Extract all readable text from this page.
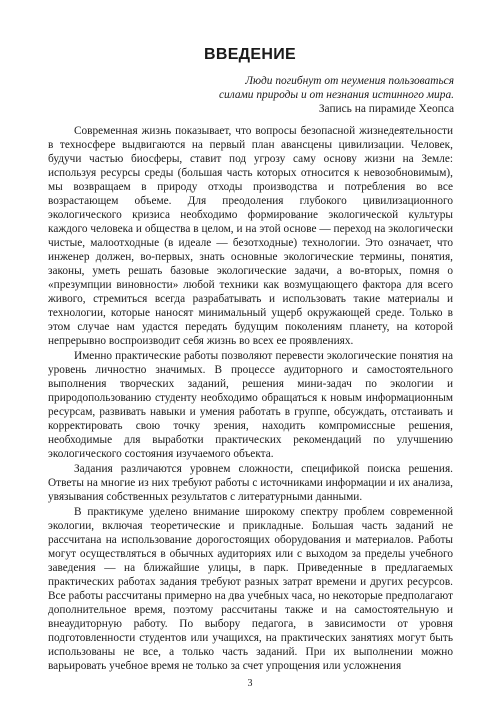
ВВЕДЕНИЕ
Люди погибнут от неумения пользоваться
силами природы и от незнания истинного мира.
Запись на пирамиде Хеопса

Современная жизнь показывает, что вопросы безопасной жизнедеятельности в техносфере выдвигаются на первый план авансцены цивилизации. Человек, будучи частью биосферы, ставит под угрозу саму основу жизни на Земле: используя ресурсы среды (большая часть которых относится к невозобновимым), мы возвращаем в природу отходы производства и потребления во все возрастающем объеме. Для преодоления глубокого цивилизационного экологического кризиса необходимо формирование экологической культуры каждого человека и общества в целом, и на этой основе — переход на экологически чистые, малоотходные (в идеале — безотходные) технологии. Это означает, что инженер должен, во-первых, знать основные экологические термины, понятия, законы, уметь решать базовые экологические задачи, а во-вторых, помня о «презумпции виновности» любой техники как возмущающего фактора для всего живого, стремиться всегда разрабатывать и использовать такие материалы и технологии, которые наносят минимальный ущерб окружающей среде. Только в этом случае нам удастся передать будущим поколениям планету, на которой непрерывно воспроизводит себя жизнь во всех ее проявлениях.

Именно практические работы позволяют перевести экологические понятия на уровень личностно значимых. В процессе аудиторного и самостоятельного выполнения творческих заданий, решения мини-задач по экологии и природопользованию студенту необходимо обращаться к новым информационным ресурсам, развивать навыки и умения работать в группе, обсуждать, отстаивать и корректировать свою точку зрения, находить компромиссные решения, необходимые для выработки практических рекомендаций по улучшению экологического состояния изучаемого объекта.

Задания различаются уровнем сложности, спецификой поиска решения. Ответы на многие из них требуют работы с источниками информации и их анализа, увязывания собственных результатов с литературными данными.

В практикуме уделено внимание широкому спектру проблем современной экологии, включая теоретические и прикладные. Большая часть заданий не рассчитана на использование дорогостоящих оборудования и материалов. Работы могут осуществляться в обычных аудиториях или с выходом за пределы учебного заведения — на ближайшие улицы, в парк. Приведенные в предлагаемых практических работах задания требуют разных затрат времени и других ресурсов. Все работы рассчитаны примерно на два учебных часа, но некоторые предполагают дополнительное время, поэтому рассчитаны также и на самостоятельную и внеаудиторную работу. По выбору педагога, в зависимости от уровня подготовленности студентов или учащихся, на практических занятиях могут быть использованы не все, а только часть заданий. При их выполнении можно варьировать учебное время не только за счет упрощения или усложнения

3
